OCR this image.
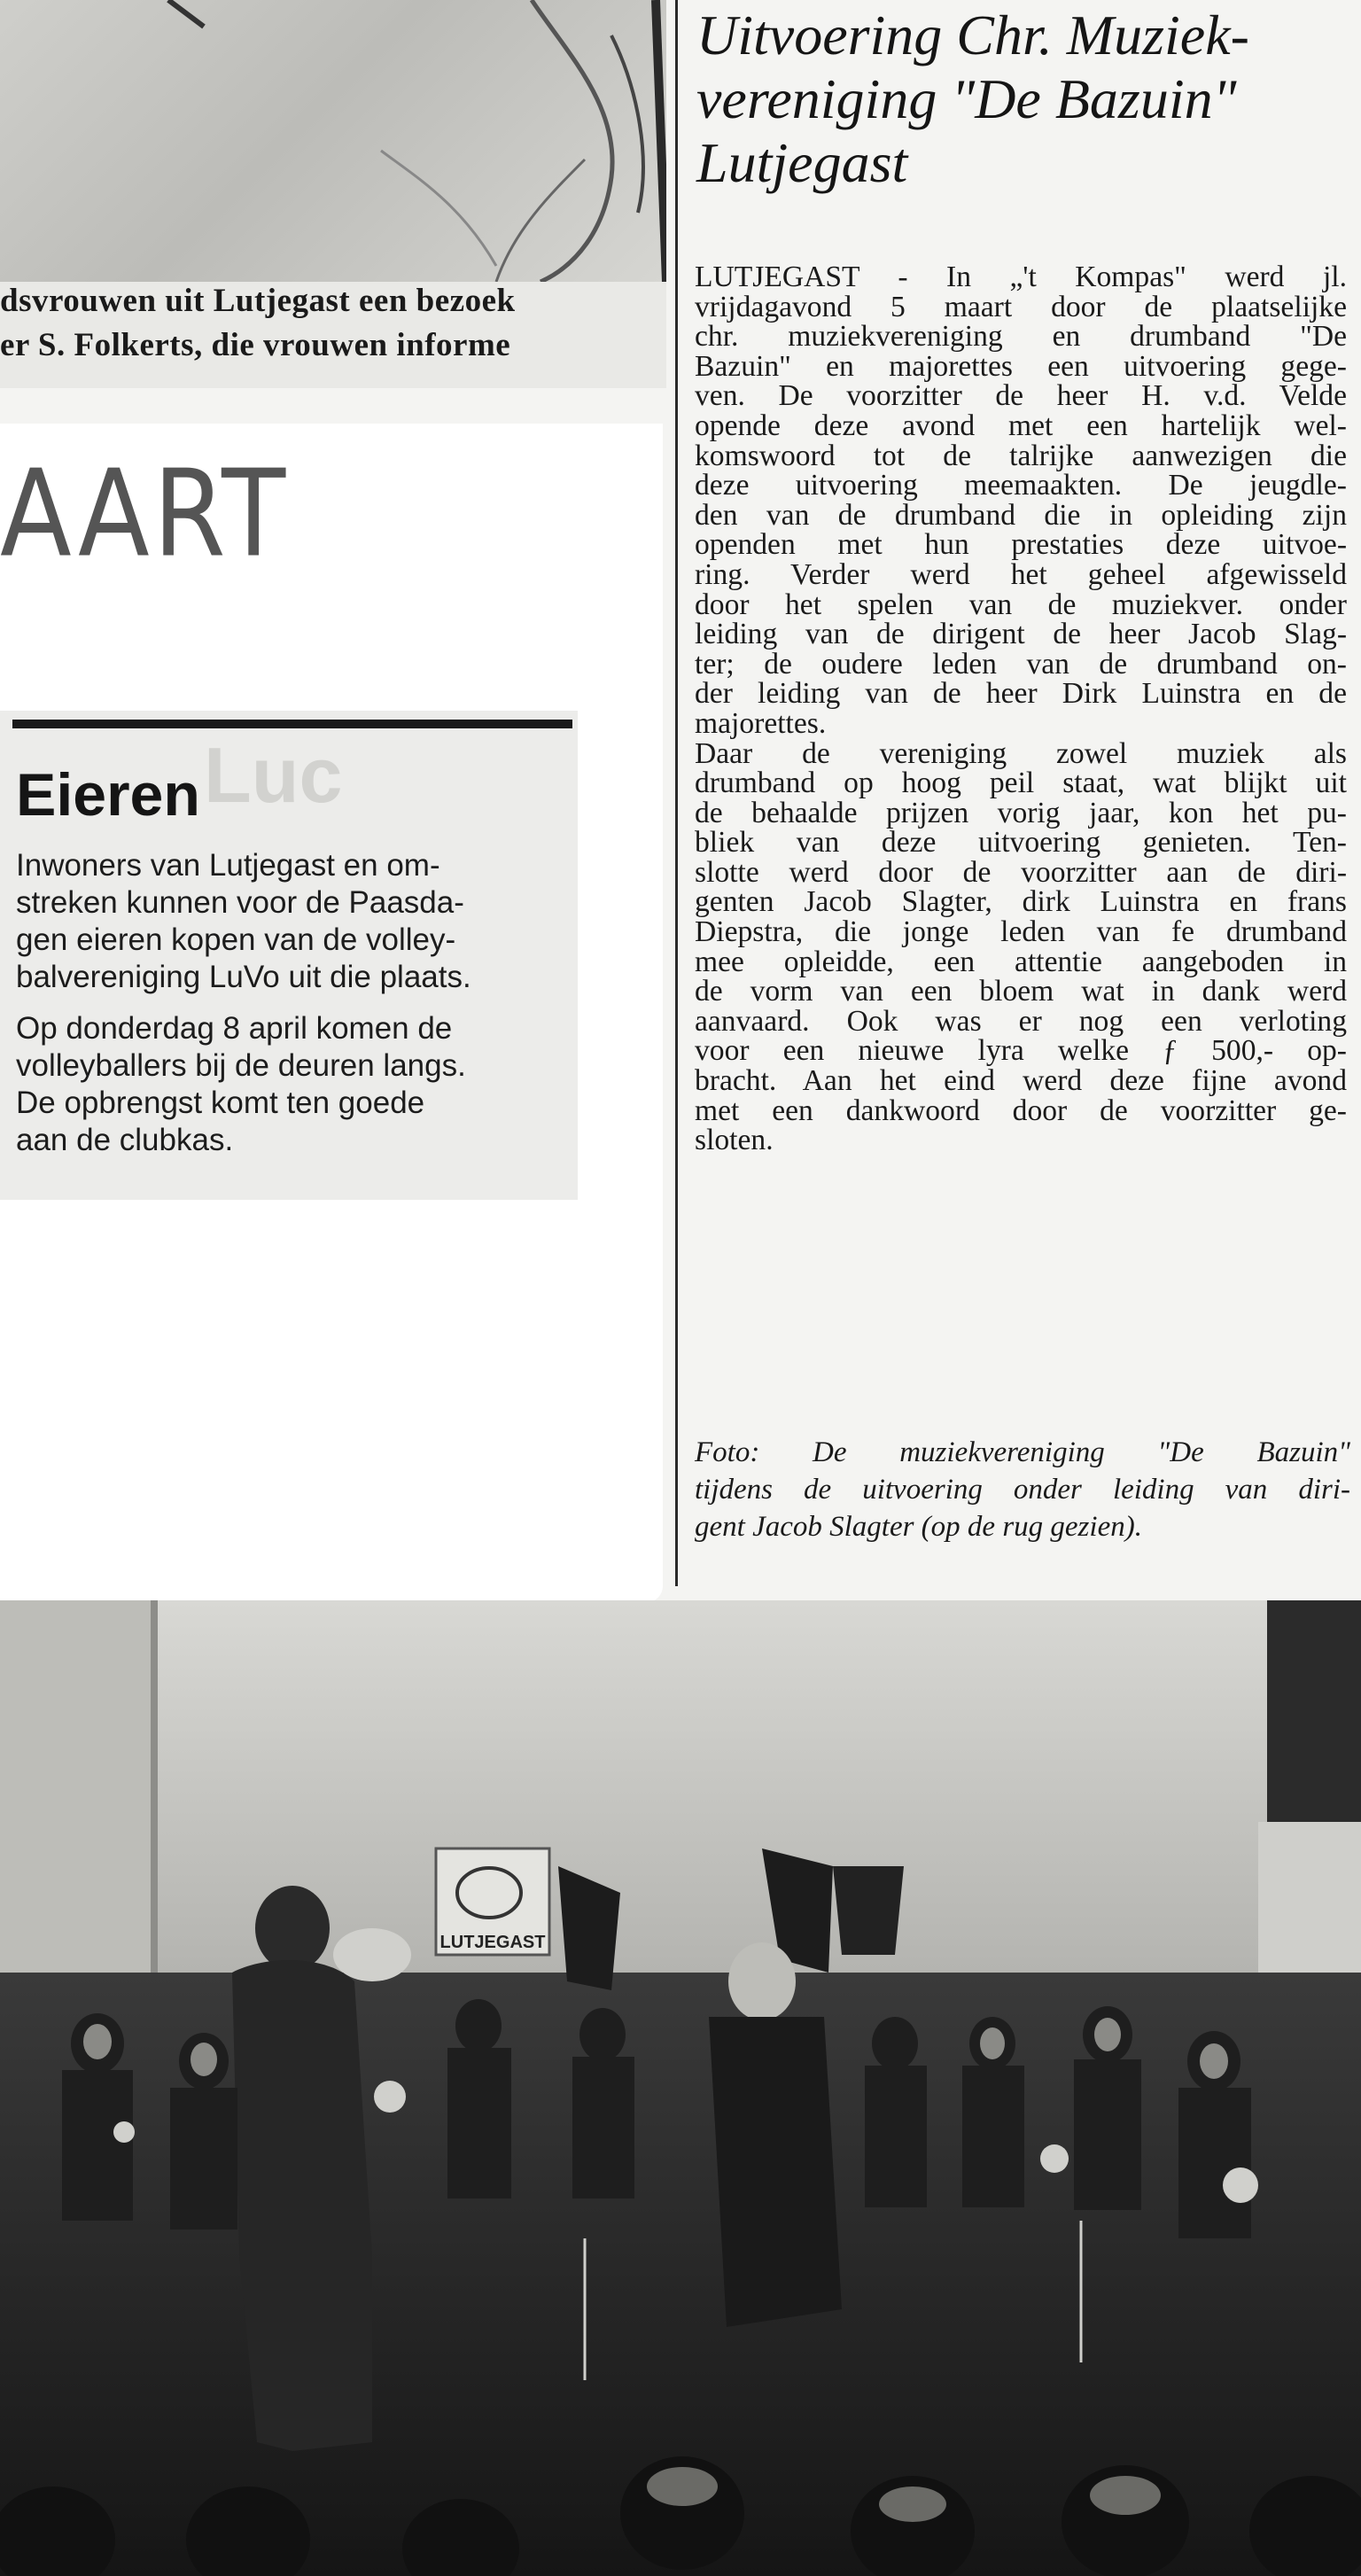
dsvrouwen uit Lutjegast een bezoek
er S. Folkerts, die vrouwen informe
AART
Luc
Eieren
Inwoners van Lutjegast en om-
streken kunnen voor de Paasda-
gen eieren kopen van de volley-
balvereniging LuVo uit die plaats.
Op donderdag 8 april komen de
volleyballers bij de deuren langs.
De opbrengst komt ten goede
aan de clubkas.
Uitvoering Chr. Muziek-
vereniging "De Bazuin"
Lutjegast
LUTJEGAST - In „'t Kompas" werd jl.
vrijdagavond 5 maart door de plaatselijke
chr. muziekvereniging en drumband "De
Bazuin" en majorettes een uitvoering gege-
ven. De voorzitter de heer H. v.d. Velde
opende deze avond met een hartelijk wel-
komswoord tot de talrijke aanwezigen die
deze uitvoering meemaakten. De jeugdle-
den van de drumband die in opleiding zijn
openden met hun prestaties deze uitvoe-
ring. Verder werd het geheel afgewisseld
door het spelen van de muziekver. onder
leiding van de dirigent de heer Jacob Slag-
ter; de oudere leden van de drumband on-
der leiding van de heer Dirk Luinstra en de
majorettes.
Daar de vereniging zowel muziek als
drumband op hoog peil staat, wat blijkt uit
de behaalde prijzen vorig jaar, kon het pu-
bliek van deze uitvoering genieten. Ten-
slotte werd door de voorzitter aan de diri-
genten Jacob Slagter, dirk Luinstra en frans
Diepstra, die jonge leden van fe drumband
mee opleidde, een attentie aangeboden in
de vorm van een bloem wat in dank werd
aanvaard. Ook was er nog een verloting
voor een nieuwe lyra welke ƒ 500,- op-
bracht. Aan het eind werd deze fijne avond
met een dankwoord door de voorzitter ge-
sloten.
Foto: De muziekvereniging "De Bazuin"
tijdens de uitvoering onder leiding van diri-
gent Jacob Slagter (op de rug gezien).
LUTJEGAST
